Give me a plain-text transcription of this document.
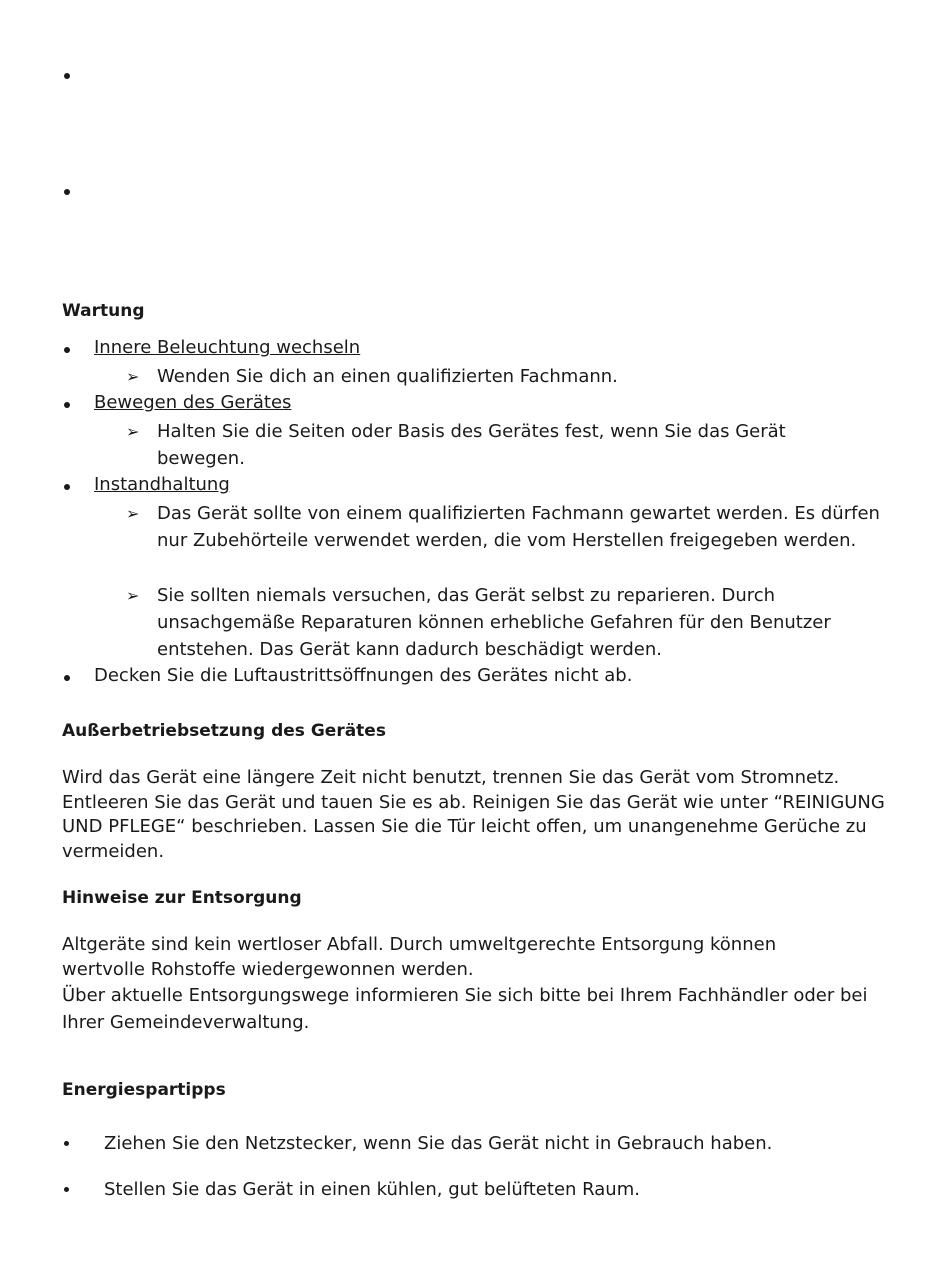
Wartung
Innere Beleuchtung wechseln
➢ Wenden Sie dich an einen qualifizierten Fachmann.
Bewegen des Gerätes
➢ Halten Sie die Seiten oder Basis des Gerätes fest, wenn Sie das Gerät bewegen.
Instandhaltung
➢ Das Gerät sollte von einem qualifizierten Fachmann gewartet werden. Es dürfen nur Zubehörteile verwendet werden, die vom Herstellen freigegeben werden.
➢ Sie sollten niemals versuchen, das Gerät selbst zu reparieren. Durch unsachgemäße Reparaturen können erhebliche Gefahren für den Benutzer entstehen. Das Gerät kann dadurch beschädigt werden.
Decken Sie die Luftaustrittsöffnungen des Gerätes nicht ab.
Außerbetriebsetzung des Gerätes
Wird das Gerät eine längere Zeit nicht benutzt, trennen Sie das Gerät vom Stromnetz. Entleeren Sie das Gerät und tauen Sie es ab. Reinigen Sie das Gerät wie unter “REINIGUNG UND PFLEGE“ beschrieben. Lassen Sie die Tür leicht offen, um unangenehme Gerüche zu vermeiden.
Hinweise zur Entsorgung
Altgeräte sind kein wertloser Abfall. Durch umweltgerechte Entsorgung können wertvolle Rohstoffe wiedergewonnen werden.
Über aktuelle Entsorgungswege informieren Sie sich bitte bei Ihrem Fachhändler oder bei Ihrer Gemeindeverwaltung.
Energiespartipps
Ziehen Sie den Netzstecker, wenn Sie das Gerät nicht in Gebrauch haben.
Stellen Sie das Gerät in einen kühlen, gut belüfteten Raum.
